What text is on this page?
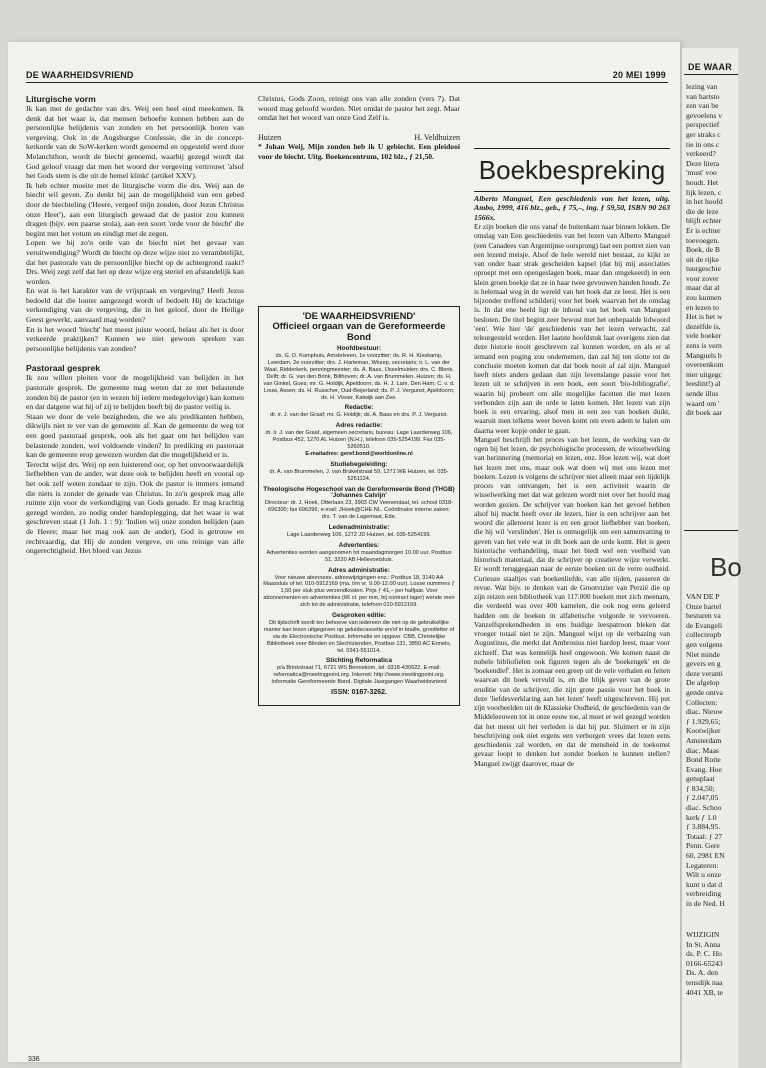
DE WAARHEIDSVRIEND	20 MEI 1999
Liturgische vorm

Ik kan met de gedachte van drs. Weij een heel eind meekomen. Ik denk dat het waar is, dat mensen behoefte kunnen hebben aan de persoonlijke belijdenis van zonden en het persoonlijk horen van vergeving. Ook in de Augsburgse Confessie, die in de concept-kerkorde van de SoW-kerken wordt genoemd en opgesteld werd door Melanchthon, wordt de biecht genoemd, waarbij gezegd wordt dat God geloof vraagt dat men het woord der vergeving vertrouwt 'alsof het Gods stem is die uit de hemel klinkt' (artikel XXV).

Ik heb echter moeite met de liturgische vorm die drs. Weij aan de biecht wil geven. Zo denkt hij aan de mogelijkheid van een gebed door de biechteling ('Heere, vergeef mijn zonden, door Jezus Christus onze Heer'), aan een liturgisch gewaad dat de pastor zou kunnen dragen (bijv. een paarse stola), aan een soort 'orde voor de biecht' die begint met het votum en eindigt met de zegen.

Lopen we bij zo'n orde van de biecht niet het gevaar van veruitwendiging? Wordt de biecht op deze wijze niet zo verambtelijkt, dat het pastorale van de persoonlijke biecht op de achtergrond raakt? Drs. Weij zegt zelf dat het op deze wijze erg steriel en afstandelijk kan worden.

En wat is het karakter van de vrijspraak en vergeving? Heeft Jezus bedoeld dat die louter aangezegd wordt of bedoelt Hij de krachtige verkondiging van de vergeving, die in het geloof, door de Heilige Geest gewerkt, aanvaard mag worden?

En is het woord 'biecht' het meest juiste woord, belast als het is door verkeerde praktijken? Kunnen we niet gewoon spreken van persoonlijke belijdenis van zonden?

Pastoraal gesprek

Ik zou willen pleiten voor de mogelijkheid van belijden in het pastorale gesprek. De gemeente mag weten dat ze met belastende zonden bij de pastor (en in wezen bij iedere medegelovige) kan komen en dat datgene wat hij of zij te belijden heeft bij de pastor veilig is.

Staan we door de vele bezigheden, die we als predikanten hebben, dikwijls niet te ver van de gemeente af. Kan de gemeente de weg tot een goed pastoraal gesprek, ook als het gaat om het belijden van belastende zonden, wel voldoende vinden? In prediking en pastoraat kan de gemeente erop gewezen worden dat die mogelijkheid er is.

Terecht wijst drs. Weij op een luisterend oor, op het onvoorwaardelijk liefhebben van de ander, wat deze ook te belijden heeft en vooral op het ook zelf weten zondaar te zijn. Ook de pastor is immers iemand die niets is zonder de genade van Christus. In zo'n gesprek mag alle ruimte zijn voor de verkondiging van Gods genade. Er mag krachtig gezegd worden, zo nodig onder handoplegging, dat het waar is wat geschreven staat (1 Joh. 1 : 9): 'Indien wij onze zonden belijden (aan de Heere; maar het mag ook aan de ander), God is getrouw en rechtvaardig, dat Hij de zonden vergeve, en ons reinige van alle ongerechtigheid. Het bloed van Jezus

Christus, Gods Zoon, reinigt ons van alle zonden (vers 7). Dat woord mag geloofd worden. Niet omdat de pastor het zegt. Maar omdat het het woord van onze God Zelf is.

Huizen	H. Veldhuizen

* Johan Weij, Mijn zonden heb ik U gebiecht. Een pleidooi voor de biecht. Uitg. Boekencentrum, 102 blz., ƒ 21,50.

'DE WAARHEIDSVRIEND'
Officieel orgaan van de Gereformeerde Bond
Hoofdbestuur:

ds. G. D. Kamphuis, Amstelveen, 1e voorzitter; ds. R. H. Kieskamp, Leerdam, 2e voorzitter; drs. J. Harteman, Wezep, secretaris; ir. L. van der Waal, Ridderkerk, penningmeester; ds. A. Baas, IJsselmuiden; drs. C. Blenk, Delft; dr. G. van den Brink, Bilthoven; dr. A. van Brummelen, Huizen; ds. H. van Ginkel, Goes; mr. G. Holdijk, Apeldoorn; ds. H. J. Lam, Den Ham; C. v. d. Louw, Assen; ds. H. Russcher, Oud-Beijerland; ds. P. J. Vergunst, Apeldoorn; ds. H. Visser, Katwijk aan Zee.

Redactie:

dr. ir. J. van der Graaf; mr. G. Holdijk; ds. A. Baas en drs. P. J. Vergunst.

Adres redactie:

dr. ir. J. van der Graaf, algemeen secretaris, bureau: Lage Laarderweg 106, Postbus 452, 1270 AL Huizen (N.H.), telefoon 035-5254199. Fax 035-5260510.

E-mailadres: geref.bond@worldonline.nl

Studiebegeleiding:

dr. A. van Brummelen, J. van Brakelstraat 59, 1271 WE Huizen, tel. 035-5251124.

Theologische Hogeschool van de Gereformeerde Bond (THGB) 'Johannes Calvijn'

Directeur: dr. J. Hoek, Otterlaan 23, 3903 CW Veenendaal, tel. school 0318-696300; fax 696396; e-mail: JHoek@CHE.NL. Coördinator interne zaken: drs. T. van de Lagemaat, Ede.

Ledenadministratie:

Lage Laarderweg 106, 1272 JD Huizen, tel. 035-5254199.

Advertenties:

Advertenties worden aangenomen tot maandagmorgen 10.00 uur, Postbus 51, 3220 AB Hellevoetsluis.

Adres administratie:

Voor nieuwe abonnees, adreswijzigingen enz.: Postbus 18, 3140 AA Maassluis of tel. 010-5912169 (ma. t/m vr. 9.00-12.00 uur). Losse nummers ƒ 1,50 per stuk plus verzendkosten. Prijs ƒ 41,– per halfjaar. Voor abonnementen en advertenties (66 ct. per mm, bij contract lager) wende men zich tot de administratie, telefoon 010-5912169.

Gesproken editie:

Dit tijdschrift wordt ten behoeve van iedereen die niet op de gebruikelijke manier kan lezen uitgegeven op geluidscassette en/of in braille, grootletter of via de Electronische Postbus. Informatie en opgave: CBB, Christelijke Bibliotheek voor Blinden en Slechtzienden, Postbus 131, 3850 AC Ermelo, tel. 0341-551014.

Stichting Reformatica

p/a Brinkstraat 71, 6721 WS Bennekom, tel. 0318-430622. E-mail: reformatica@meetingpoint.org. Internet: http://www.meetingpoint.org. Informatie Gereformeerde Bond. Digitale Jaargangen Waarheidsvriend

ISSN: 0167-3262.
Boekbespreking

Alberto Manguel, Een geschiedenis van het lezen, uitg. Ambo, 1999, 416 blz., geb., ƒ 75,–, ing. ƒ 59,50, ISBN 90 263 1566x.

Er zijn boeken die ons vanaf de buitenkant naar binnen lokken. De omslag van Een geschiedenis van het lezen van Alberto Manguel (een Canadees van Argentijnse oorsprong) laat een portret zien van een lezend meisje. Alsof de hele wereld niet bestaat, zo kijkt ze van onder haar strak gescheiden kapsel (dat bij mij associaties oproept met een opengeslagen boek, maar dan omgekeerd) in een klein groen boekje dat ze in haar twee gevouwen handen houdt. Ze is helemaal weg in de wereld van het boek dat ze leest. Het is een bijzonder treffend schilderij voor het boek waarvan het de omslag is. In dat ene beeld ligt de inhoud van het boek van Manguel besloten. De titel begint zeer bewust met het onbepaalde lidwoord 'een'. Wie hier 'de' geschiedenis van het lezen verwacht, zal teleurgesteld worden. Het laatste hoofdstuk laat overigens zien dat deze historie nooit geschreven zal kunnen worden, en als er al iemand een poging zou ondernemen, dan zal hij ten slotte tot de conclusie moeten komen dat dat boek nooit af zal zijn. Manguel heeft niets anders gedaan dan zijn levenslange passie voor het lezen uit te schrijven in een boek, een soort 'bio-bibliografie', waarin hij probeert om alle mogelijke facetten die met lezen verbonden zijn aan de orde te laten komen. Het lezen van zijn boek is een ervaring, alsof men in een zee van boeken duikt, waaruit men telkens weer boven komt om even adem te halen om daarna weer kopje onder te gaan.

Manguel beschrijft het proces van het lezen, de werking van de ogen bij het lezen, de psychologische processen, de wisselwerking van herinnering (memoria) en lezen, enz. Hoe lezen wij, wat doet het lezen met ons, maar ook wat doen wij met ons lezen met boeken. Lezen is volgens de schrijver niet alleen maar een lijdelijk proces van ontvangen, het is een activiteit waarin de wisselwerking met dat wat gelezen wordt niet over het hoofd mag worden gezien. De schrijver van boeken kan het gevoel hebben alsof hij macht heeft over de lezers, hier is een schrijver aan het woord die allereerst lezer is en een groot liefhebber van boeken, die hij wil 'verslinden'. Het is onmogelijk om een samenvatting te geven van het vele wat in dit boek aan de orde komt. Het is geen historische verhandeling, maar het biedt wel een veelheid van historisch materiaal, dat de schrijver op creatieve wijze verwerkt. Er wordt teruggegaan naar de eerste boeken uit de verre oudheid. Curieuze staaltjes van boekenliefde, van alle tijden, passeren de revue. Wat bijv. te denken van de Grootvizier van Perzië die op zijn reizen een bibliotheek van 117.000 boeken met zich meenam, die verdeeld was over 400 kamelen, die ook nog eens geleerd hadden om de boeken in alfabetische volgorde te vervoeren. Vanzelfsprekendheden in ons huidige leespatroon bleken dat vroeger totaal niet te zijn. Manguel wijst op de verbazing van Augustinus, die merkt dat Ambrosius niet hardop leest, maar voor zichzelf. Dat was kennelijk heel ongewoon. We komen naast de nobele bibliofielen ook figuren tegen als de 'boekengek' en de 'boekendief'. Het is zomaar een greep uit de vele verhalen en feiten waarvan dit boek vervuld is, en die blijk geven van de grote eruditie van de schrijver, die zijn grote passie voor het boek in deze 'liefdesverklaring aan het lezen' heeft uitgeschreven. Hij put zijn voorbeelden uit de Klassieke Oudheid, de geschiedenis van de Middeleeuwen tot in onze eeuw toe, al moet er wel gezegd worden dat het meest uit het verleden is dat hij put. Sluimert er in zijn beschrijving ook niet ergens een verborgen vrees dat lezen eens geschiedenis zal worden, en dat de mensheid in de toekomst gevaar loopt te denken het zonder boeken te kunnen stellen? Manguel zwijgt daarover, maar de

336
DE WAAR
lezing van
van hartsto
zen van be
gevoelens v
perspectief
ger straks c
tie in ons c
verkeerd?
Deze litera
'must' voo
houdt. Het
lijk lezen, c
in het hoofd
die de leze
blijft echter
Er is echter
toevoegen.
Boek, de B
uit de rijke
tuurgeschie
voor zover
maar dat al
zou kunnen
en lezen to
Het is het w
dezelfde is,
vele boeker
zens is vern
Manguels b
overeenkom
nier uitgegc
leeslint!) al
sende illus
waard om '
dit boek aar
Bo
VAN DE P
Onze hartel
besturen va
de Evangeli
collecteopb
gen volgens
Niet minde
gevers en g
deze veranti
De afgelop
gende ontva
Collecten:
diac. Nieuw
ƒ 1.929,65;
Kootwijker
Amsterdam
diac. Maas
Bond Rotte
Evang. Hoe
gensplaat
ƒ 834,50;
ƒ 2.047,05
diac. Schoo
kerk ƒ 1.0
ƒ 3.884,95.
Totaal: ƒ 27
Penn. Gere
60, 2981 EN
Legateren:
Wilt u onze
kunt u dat d
verbreiding
in de Ned. H
WIJZIGIN
In St. Anna
ds. P. C. Ho
0166-65243
Ds. A. den
tensdijk naa
4041 XB, te
